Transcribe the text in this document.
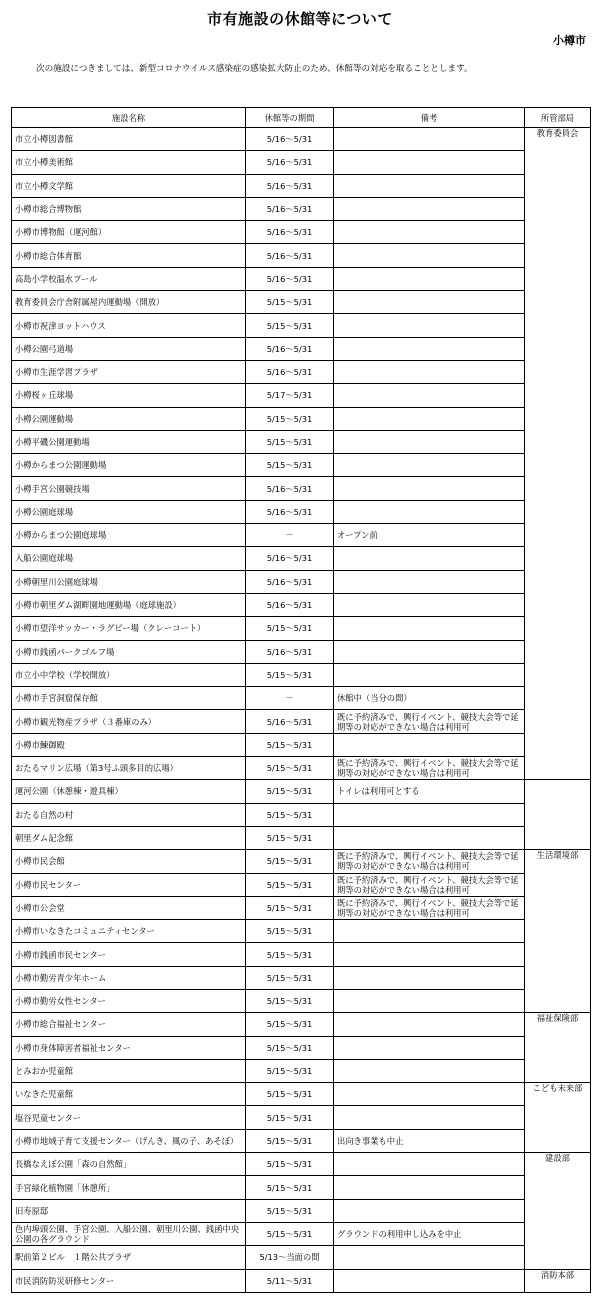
市有施設の休館等について
小樽市
次の施設につきましては、新型コロナウイルス感染症の感染拡大防止のため、休館等の対応を取ることとします。
施設名称	休館等の期間	備考	所管部局	
市立小樽図書館	5/16～5/31		教育委員会	
市立小樽美術館	5/16～5/31			
市立小樽文学館	5/16～5/31			
小樽市総合博物館	5/16～5/31			
小樽市博物館（運河館）	5/16～5/31			
小樽市総合体育館	5/16～5/31			
高島小学校温水プール	5/16～5/31			
教育委員会庁舎附属屋内運動場（開放）	5/15～5/31			
小樽市祝津ヨットハウス	5/15～5/31			
小樽公園弓道場	5/16～5/31			
小樽市生涯学習プラザ	5/16～5/31			
小樽桜ヶ丘球場	5/17～5/31			
小樽公園運動場	5/15～5/31			
小樽平磯公園運動場	5/15～5/31			
小樽からまつ公園運動場	5/15～5/31			
小樽手宮公園競技場	5/16～5/31			
小樽公園庭球場	5/16～5/31			
小樽からまつ公園庭球場	－	オープン前		
入船公園庭球場	5/16～5/31			
小樽朝里川公園庭球場	5/16～5/31			
小樽市朝里ダム湖畔園地運動場（庭球施設）	5/16～5/31			
小樽市望洋サッカー・ラグビー場（クレーコート）	5/15～5/31			
小樽市銭函パークゴルフ場	5/16～5/31			
市立小中学校（学校開放）	5/15～5/31			
小樽市手宮洞窟保存館	－	休館中（当分の間）		
小樽市観光物産プラザ（３番庫のみ）	5/16～5/31	既に予約済みで、興行イベント、競技大会等で延期等の対応ができない場合は利用可	
小樽市鰊御殿	5/15～5/31			
おたるマリン広場（第3号ふ頭多目的広場）	5/15～5/31	既に予約済みで、興行イベント、競技大会等で延期等の対応ができない場合は利用可		
運河公園（休憩棟・遊具棟）	5/15～5/31	トイレは利用可とする		
おたる自然の村	5/15～5/31			
朝里ダム記念館	5/15～5/31			
小樽市民会館	5/15～5/31	既に予約済みで、興行イベント、競技大会等で延期等の対応ができない場合は利用可	生活環境部	
小樽市民センター	5/15～5/31	既に予約済みで、興行イベント、競技大会等で延期等の対応ができない場合は利用可		
小樽市公会堂	5/15～5/31	既に予約済みで、興行イベント、競技大会等で延期等の対応ができない場合は利用可		
小樽市いなきたコミュニティセンター	5/15～5/31			
小樽市銭函市民センター	5/15～5/31			
小樽市勤労青少年ホーム	5/15～5/31			
小樽市勤労女性センター	5/15～5/31			
小樽市総合福祉センター	5/15～5/31		福祉保険部	
小樽市身体障害者福祉センター	5/15～5/31			
とみおか児童館	5/15～5/31			
いなきた児童館	5/15～5/31		こども未来部	
塩谷児童センター	5/15～5/31			
小樽市地域子育て支援センター（げんき、風の子、あそぼ）	5/15～5/31	出向き事業も中止		
長橋なえぼ公園「森の自然館」	5/15～5/31		建設部	
手宮緑化植物園「休憩所」	5/15～5/31			
旧寿原邸	5/15～5/31			
色内埠頭公園、手宮公園、入船公園、朝里川公園、銭函中央公園の各グラウンド	5/15～5/31	グラウンドの利用申し込みを中止		
駅前第２ビル　１階公共プラザ	5/13～当面の間			
市民消防防災研修センター	5/11～5/31		消防本部	
